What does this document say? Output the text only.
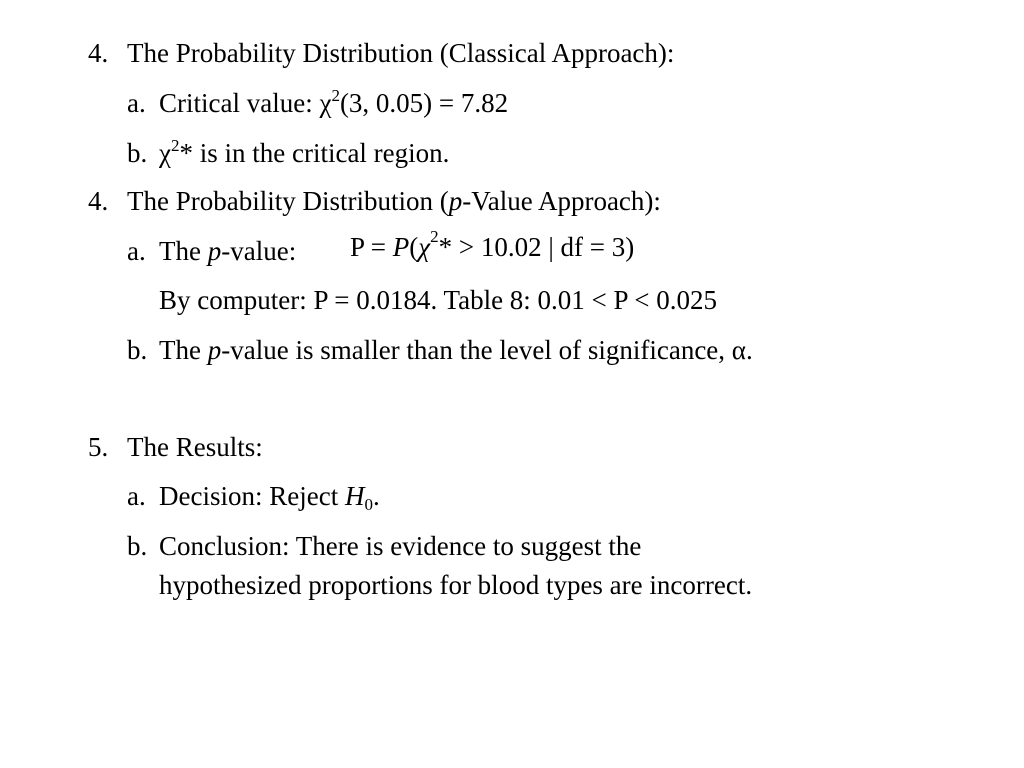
4. The Probability Distribution (Classical Approach):
a. Critical value: $\chi^2(3$, 0.05) = 7.82
b. $\chi^2*$ is in the critical region.
4. The Probability Distribution (p-Value Approach):
a. The p-value: $P = P(\chi^2* > 10.02$ | df = 3)
By computer: P = 0.0184. Table 8: 0.01 < P < 0.025
b. The p-value is smaller than the level of significance, α.
5. The Results:
a. Decision: Reject $H_0$.
b. Conclusion: There is evidence to suggest the
hypothesized proportions for blood types are incorrect.
